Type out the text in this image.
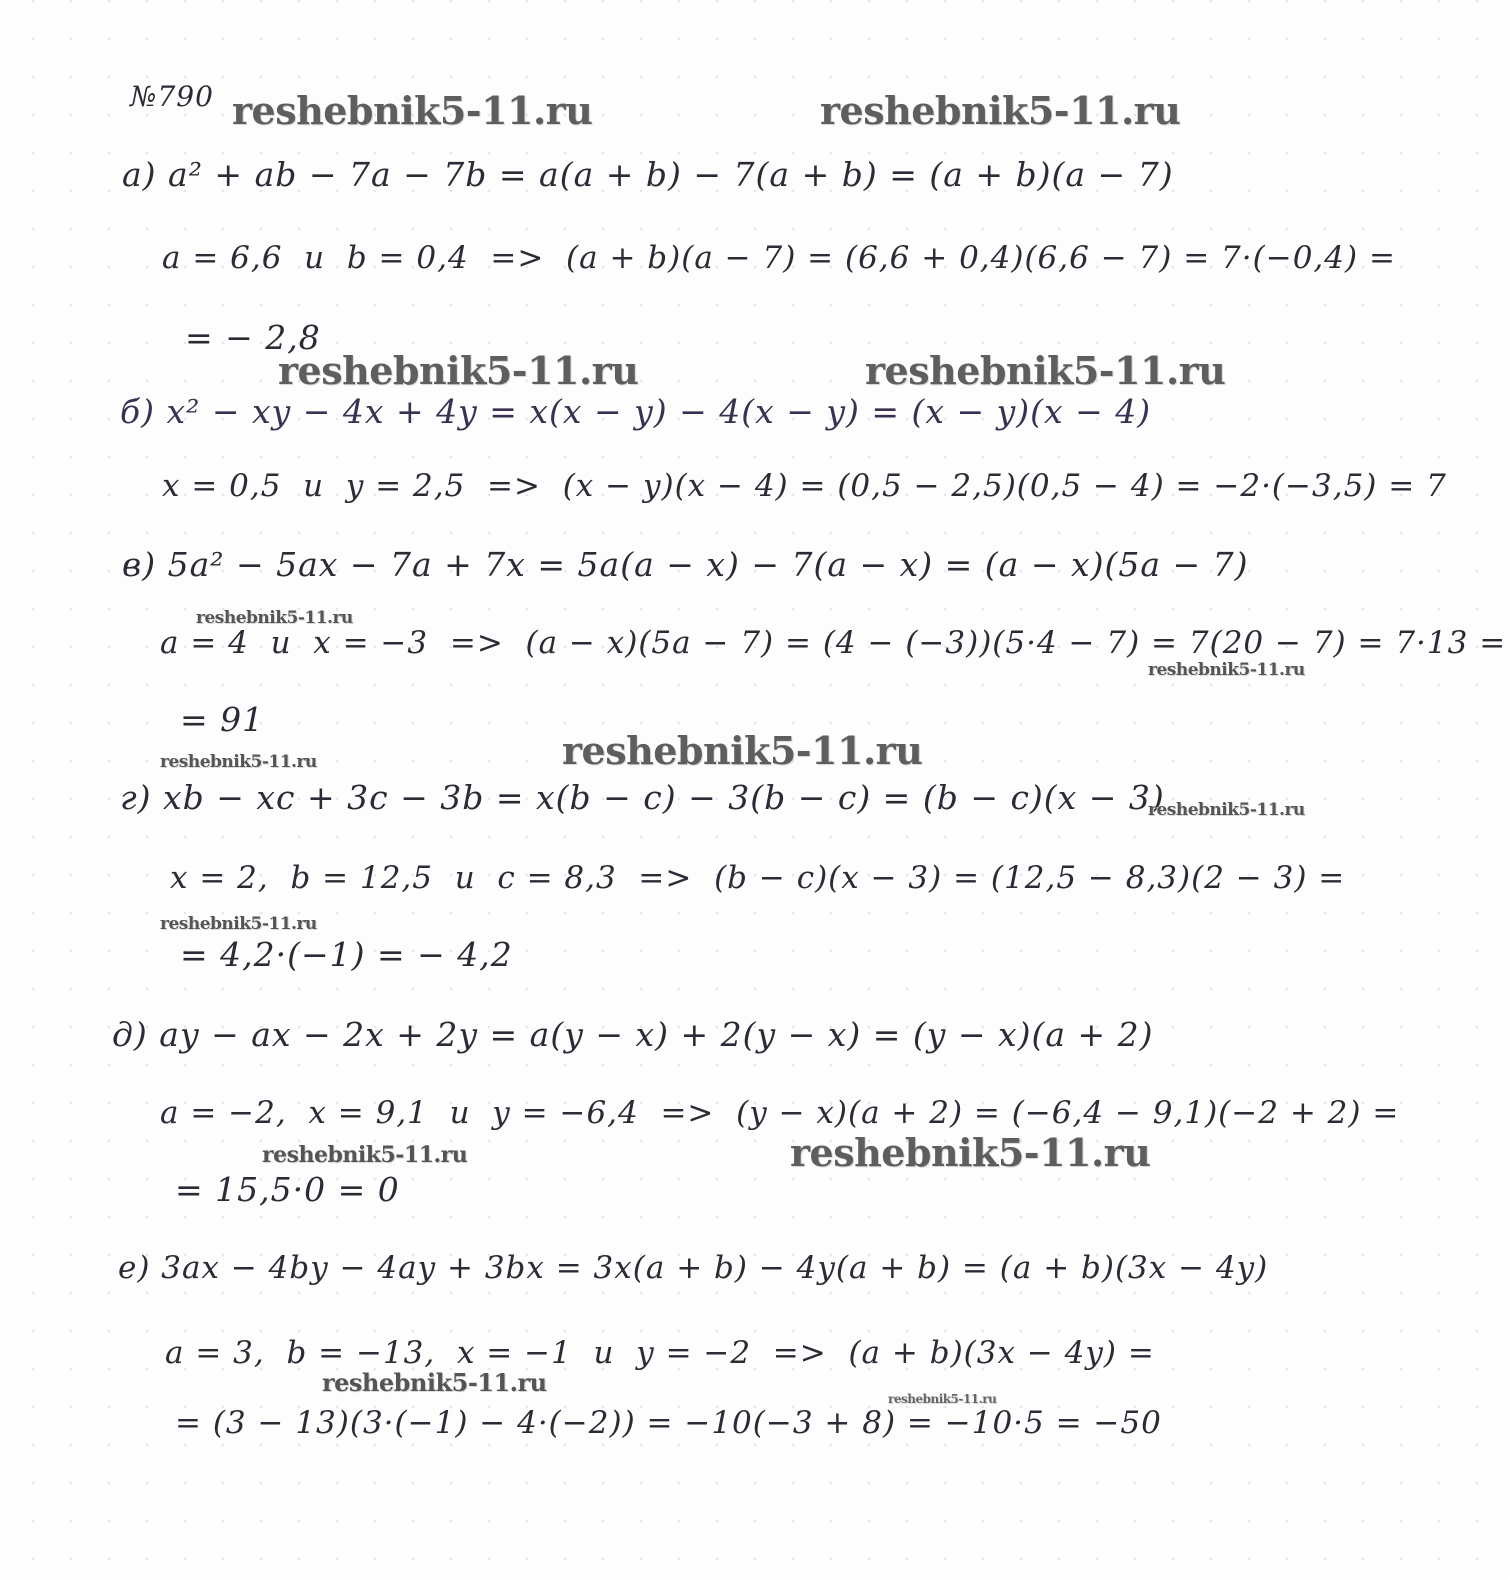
№790
а) a² + ab − 7a − 7b = a(a + b) − 7(a + b) = (a + b)(a − 7)
a = 6,6  и  b = 0,4  =>  (a + b)(a − 7) = (6,6 + 0,4)(6,6 − 7) = 7·(−0,4) =
= − 2,8
б) x² − xy − 4x + 4y = x(x − y) − 4(x − y) = (x − y)(x − 4)
x = 0,5  и  y = 2,5  =>  (x − y)(x − 4) = (0,5 − 2,5)(0,5 − 4) = −2·(−3,5) = 7
в) 5a² − 5ax − 7a + 7x = 5a(a − x) − 7(a − x) = (a − x)(5a − 7)
a = 4  и  x = −3  =>  (a − x)(5a − 7) = (4 − (−3))(5·4 − 7) = 7(20 − 7) = 7·13 =
= 91
г) xb − xc + 3c − 3b = x(b − c) − 3(b − c) = (b − c)(x − 3)
x = 2,  b = 12,5  и  c = 8,3  =>  (b − c)(x − 3) = (12,5 − 8,3)(2 − 3) =
= 4,2·(−1) = − 4,2
д) ay − ax − 2x + 2y = a(y − x) + 2(y − x) = (y − x)(a + 2)
a = −2,  x = 9,1  и  y = −6,4  =>  (y − x)(a + 2) = (−6,4 − 9,1)(−2 + 2) =
= 15,5·0 = 0
е) 3ax − 4by − 4ay + 3bx = 3x(a + b) − 4y(a + b) = (a + b)(3x − 4y)
a = 3,  b = −13,  x = −1  и  y = −2  =>  (a + b)(3x − 4y) =
= (3 − 13)(3·(−1) − 4·(−2)) = −10(−3 + 8) = −10·5 = −50
reshebnik5-11.ru	reshebnik5-11.ru
reshebnik5-11.ru	reshebnik5-11.ru
reshebnik5-11.ru
reshebnik5-11.ru
reshebnik5-11.ru
reshebnik5-11.ru
reshebnik5-11.ru
reshebnik5-11.ru
reshebnik5-11.ru	reshebnik5-11.ru
reshebnik5-11.ru
reshebnik5-11.ru
